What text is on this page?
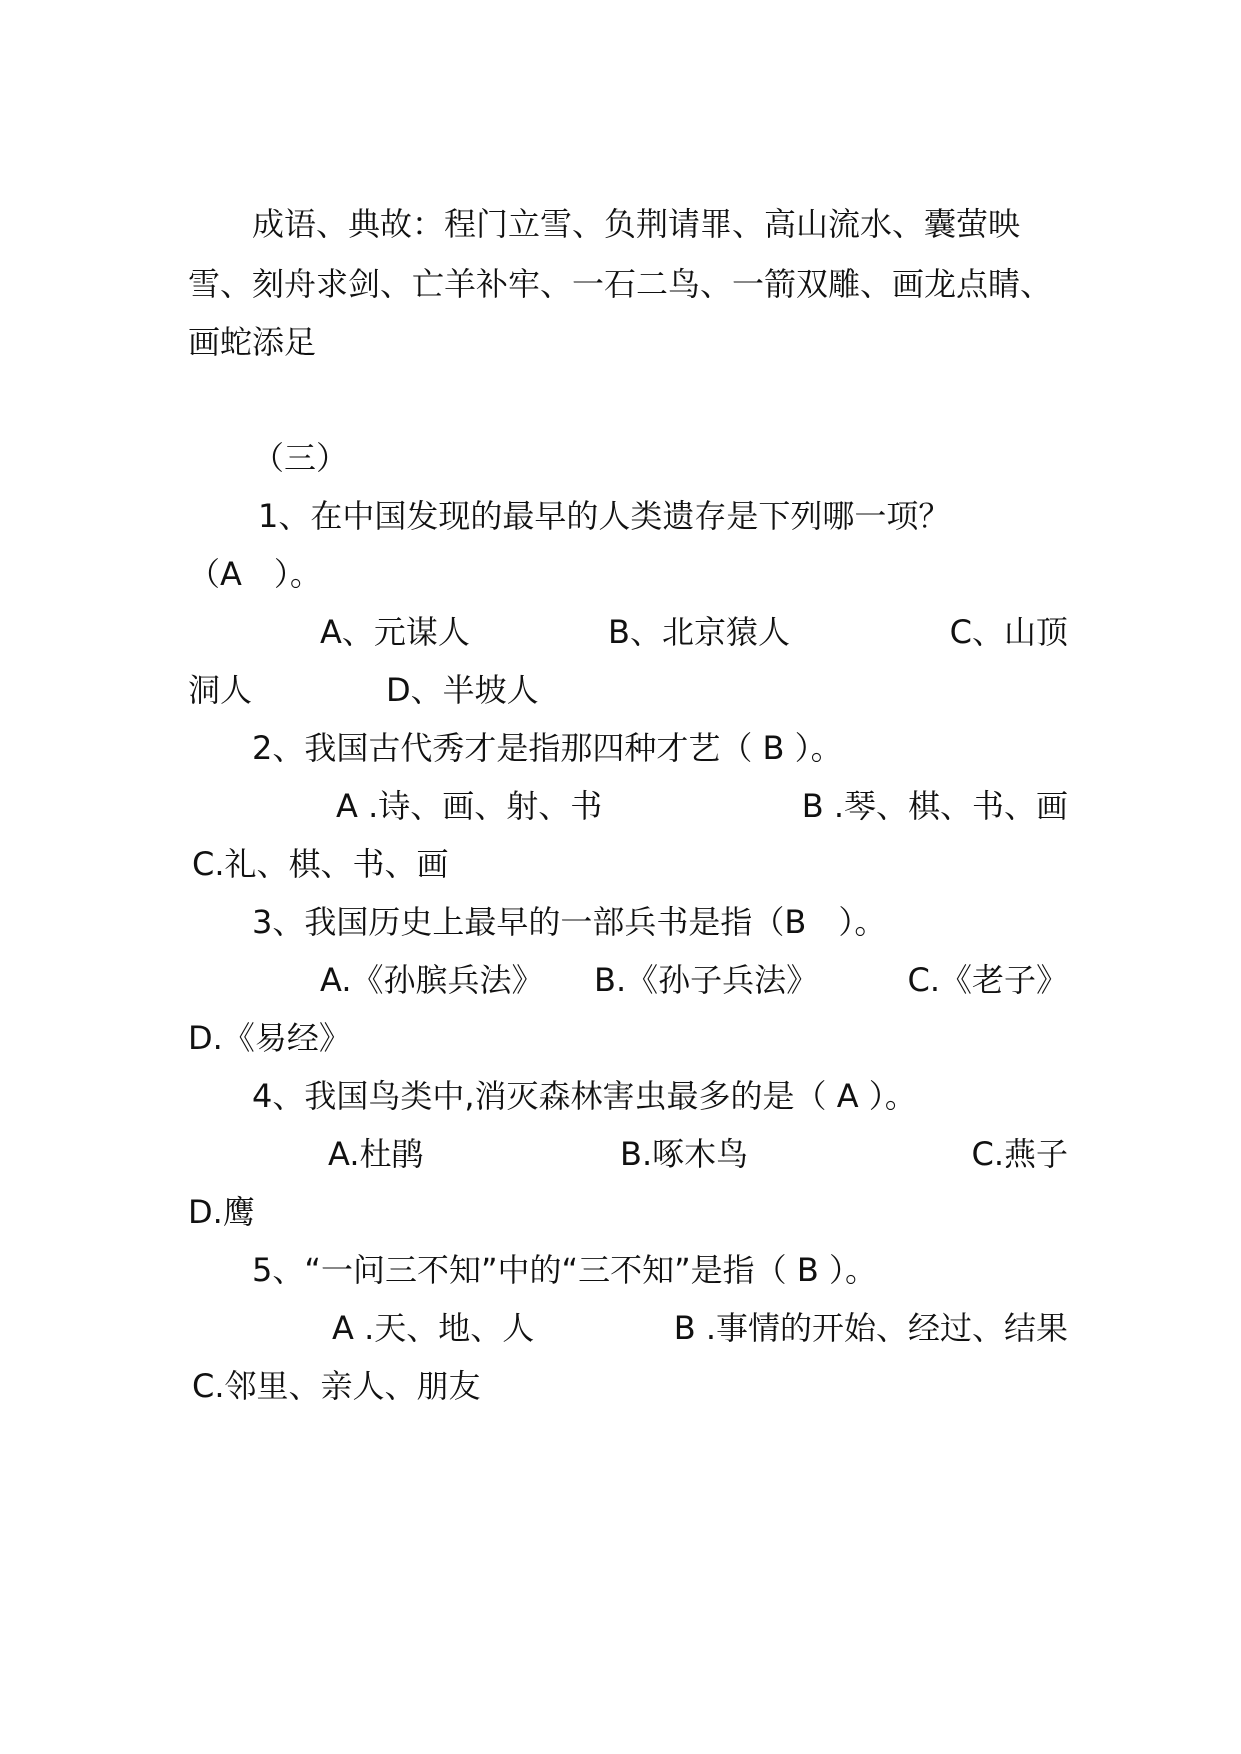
成语、典故：程门立雪、负荆请罪、高山流水、囊萤映
雪、刻舟求剑、亡羊补牢、一石二鸟、一箭双雕、画龙点睛、
画蛇添足
（三）
1、在中国发现的最早的人类遗存是下列哪一项？
（A　）。
A、元谋人	B、北京猿人	C、山顶
洞人	D、半坡人
2、我国古代秀才是指那四种才艺（ B ）。
A .诗、画、射、书	B .琴、棋、书、画
C.礼、棋、书、画
3、我国历史上最早的一部兵书是指（B　）。
A.《孙膑兵法》 B.《孙子兵法》	C.《老子》
D.《易经》
4、我国鸟类中,消灭森林害虫最多的是（ A ）。
A.杜鹃	B.啄木鸟	C.燕子
D.鹰
5、“一问三不知”中的“三不知”是指（ B ）。
A .天、地、人	B .事情的开始、经过、结果
C.邻里、亲人、朋友
